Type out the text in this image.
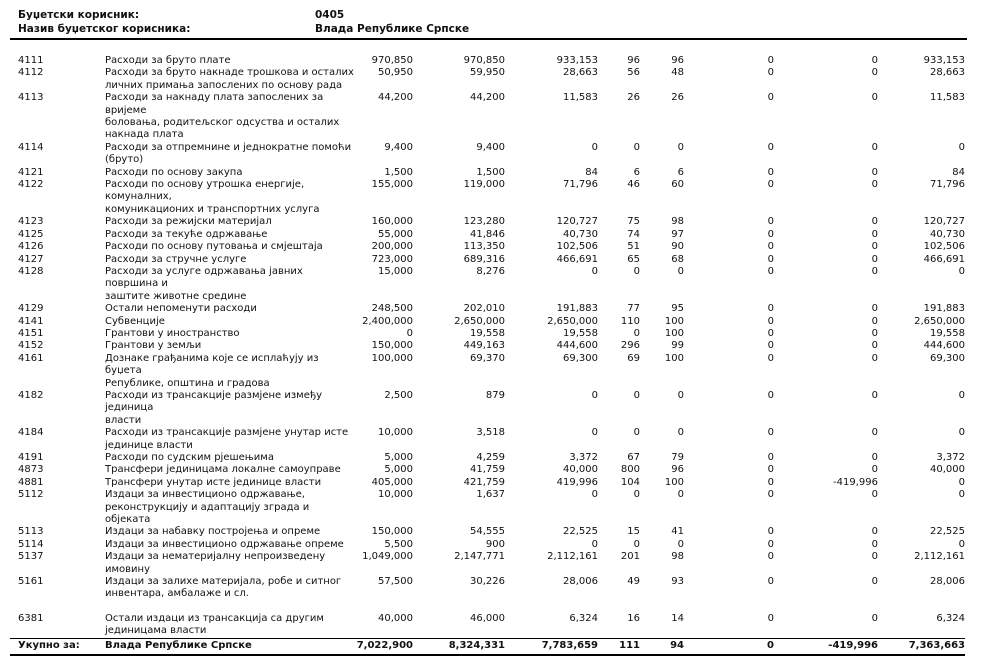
Буџетски корисник:	0405
Назив буџетског корисника:	Влада Републике Српске
4111	Расходи за бруто плате	970,850	970,850	933,153	96	96	0	0	933,153
4112	Расходи за бруто накнаде трошкова и осталих
личних примања запослених по основу рада	50,950	59,950	28,663	56	48	0	0	28,663
4113	Расходи за накнаду плата запослених за вријеме
боловања, родитељског одсуства и осталих
накнада плата	44,200	44,200	11,583	26	26	0	0	11,583
4114	Расходи за отпремнине и једнократне помоћи
(бруто)	9,400	9,400	0	0	0	0	0	0
4121	Расходи по основу закупа	1,500	1,500	84	6	6	0	0	84
4122	Расходи по основу утрошка енергије, комуналних,
комуникационих и транспортних услуга	155,000	119,000	71,796	46	60	0	0	71,796
4123	Расходи за режијски материјал	160,000	123,280	120,727	75	98	0	0	120,727
4125	Расходи за текуће одржавање	55,000	41,846	40,730	74	97	0	0	40,730
4126	Расходи по основу путовања и смјештаја	200,000	113,350	102,506	51	90	0	0	102,506
4127	Расходи за стручне услуге	723,000	689,316	466,691	65	68	0	0	466,691
4128	Расходи за услуге одржавања јавних површина и
заштите животне средине	15,000	8,276	0	0	0	0	0	0
4129	Остали непоменути расходи	248,500	202,010	191,883	77	95	0	0	191,883
4141	Субвенције	2,400,000	2,650,000	2,650,000	110	100	0	0	2,650,000
4151	Грантови у иностранство	0	19,558	19,558	0	100	0	0	19,558
4152	Грантови у земљи	150,000	449,163	444,600	296	99	0	0	444,600
4161	Дознаке грађанима које се исплаћују из буџета
Републике, општина и градова	100,000	69,370	69,300	69	100	0	0	69,300
4182	Расходи из трансакције размјене између јединица
власти	2,500	879	0	0	0	0	0	0
4184	Расходи из трансакције размјене унутар исте
јединице власти	10,000	3,518	0	0	0	0	0	0
4191	Расходи по судским рјешењима	5,000	4,259	3,372	67	79	0	0	3,372
4873	Трансфери јединицама локалне самоуправе	5,000	41,759	40,000	800	96	0	0	40,000
4881	Трансфери унутар исте јединице власти	405,000	421,759	419,996	104	100	0	-419,996	0
5112	Издаци за инвестиционо одржавање,
реконструкцију и адаптацију зграда и објеката	10,000	1,637	0	0	0	0	0	0
5113	Издаци за набавку постројења и опреме	150,000	54,555	22,525	15	41	0	0	22,525
5114	Издаци за инвестиционо одржавање опреме	5,500	900	0	0	0	0	0	0
5137	Издаци за нематеријалну непроизведену имовину	1,049,000	2,147,771	2,112,161	201	98	0	0	2,112,161
5161	Издаци за залихе материјала, робе и ситног
инвентара, амбалаже и сл.	57,500	30,226	28,006	49	93	0	0	28,006
6381	Остали издаци из трансакција са другим
јединицама власти	40,000	46,000	6,324	16	14	0	0	6,324
Укупно за:	Влада Републике Српске	7,022,900	8,324,331	7,783,659	111	94	0	-419,996	7,363,663
